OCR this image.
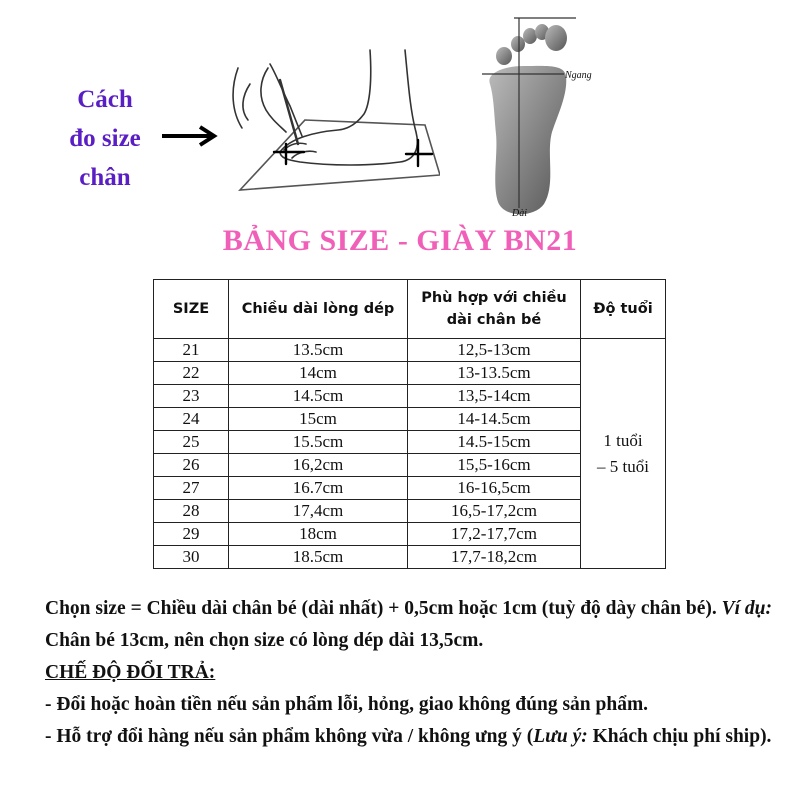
Cách
đo size
chân
Ngang
Dài
BẢNG SIZE - GIÀY BN21
SIZE	Chiều dài lòng dép	Phù hợp với chiều
dài chân bé	Độ tuổi
21	13.5cm	12,5-13cm	1 tuổi
– 5 tuổi

22	14cm	13-13.5cm	
23	14.5cm	13,5-14cm	
24	15cm	14-14.5cm	
25	15.5cm	14.5-15cm	
26	16,2cm	15,5-16cm	
27	16.7cm	16-16,5cm	
28	17,4cm	16,5-17,2cm	
29	18cm	17,2-17,7cm	
30	18.5cm	17,7-18,2cm	

Chọn size = Chiều dài chân bé (dài nhất) + 0,5cm hoặc 1cm (tuỳ độ dày chân bé). Ví dụ: Chân bé 13cm, nên chọn size có lòng dép dài 13,5cm.

CHẾ ĐỘ ĐỔI TRẢ:

- Đổi hoặc hoàn tiền nếu sản phẩm lỗi, hỏng, giao không đúng sản phẩm.

- Hỗ trợ đổi hàng nếu sản phẩm không vừa / không ưng ý (Lưu ý: Khách chịu phí ship).
